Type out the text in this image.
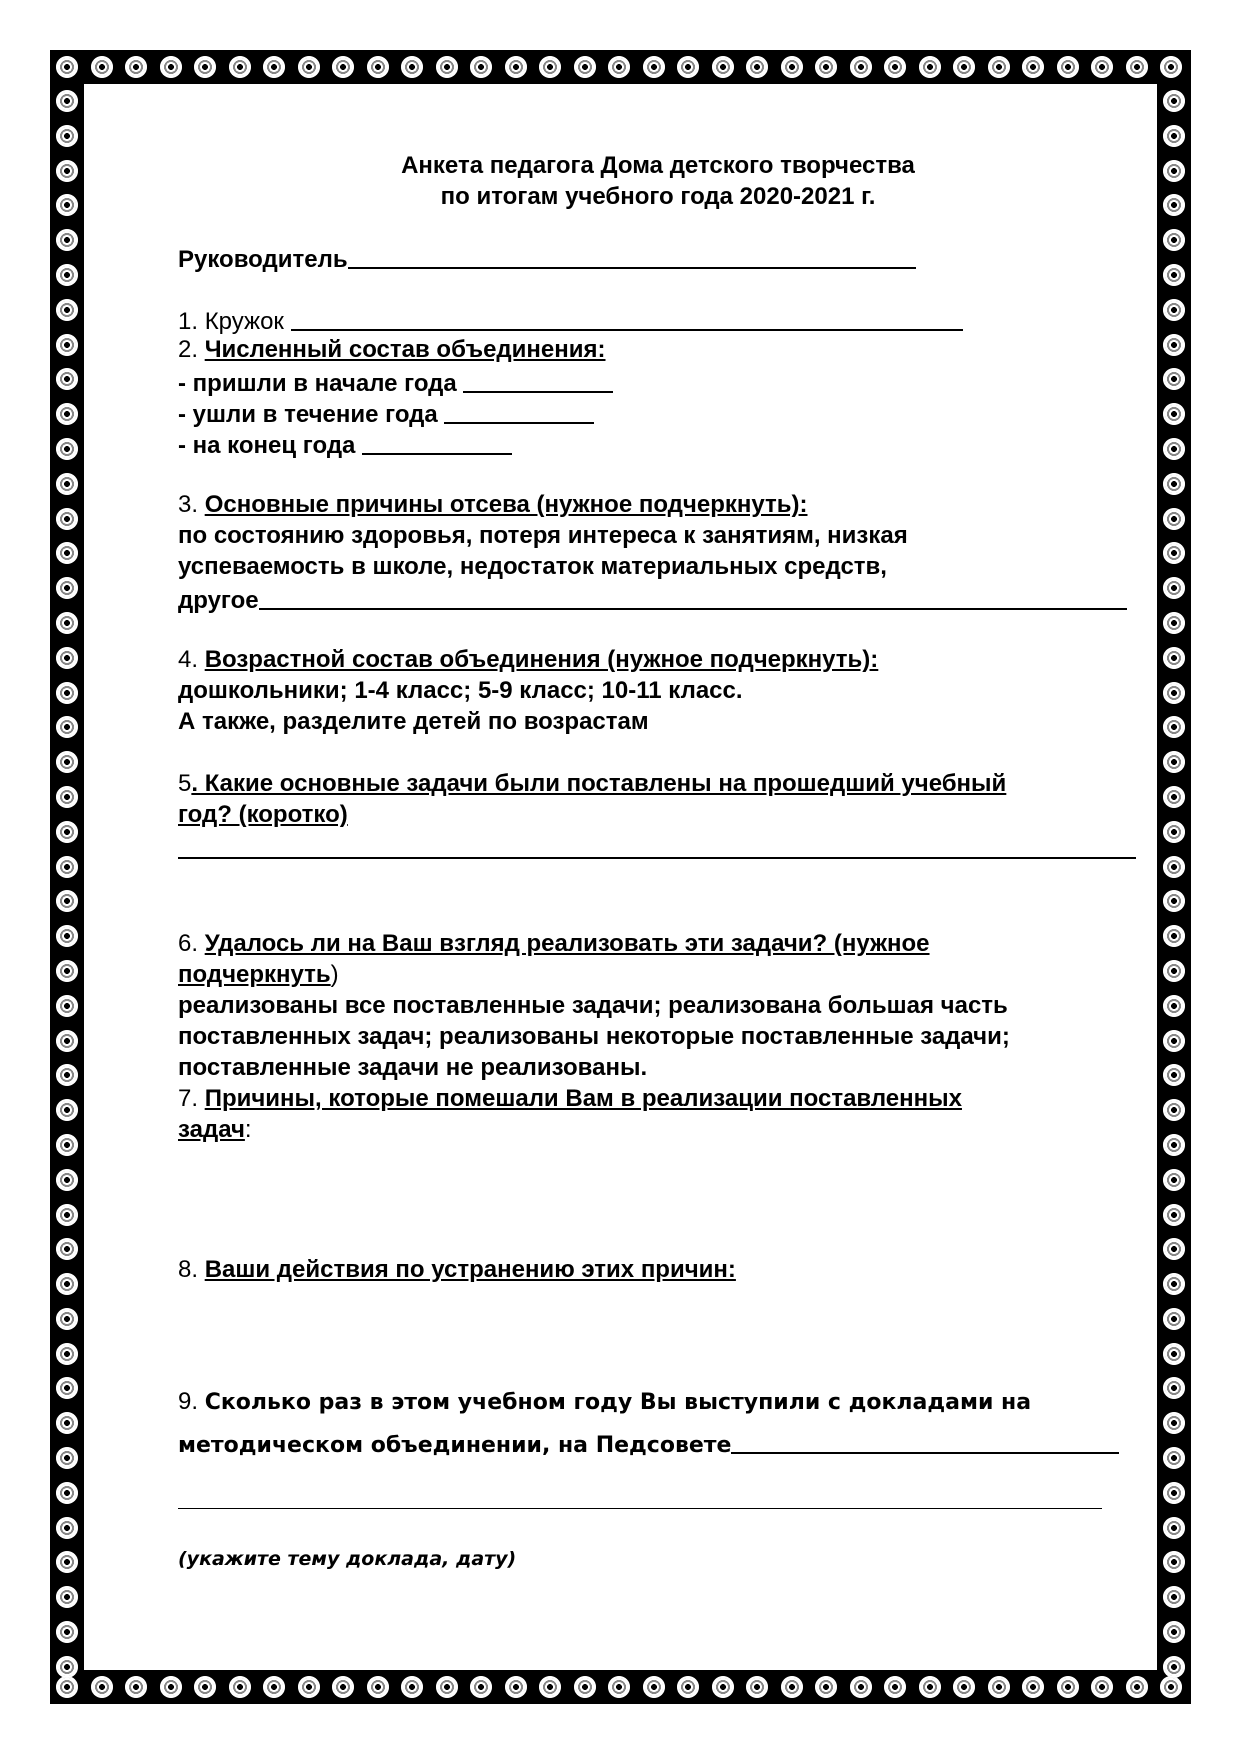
Анкета педагога Дома детского творчества
по итогам учебного года 2020-2021 г.
Руководитель
1. Кружок
2. Численный состав объединения:
- пришли в начале года
- ушли в течение года
- на конец года
3. Основные причины отсева (нужное подчеркнуть):
по состоянию здоровья, потеря интереса к занятиям, низкая
успеваемость в школе, недостаток материальных средств,
другое
4. Возрастной состав объединения (нужное подчеркнуть):
дошкольники; 1-4 класс; 5-9 класс; 10-11 класс.
А также, разделите детей по возрастам
5. Какие основные задачи были поставлены на прошедший учебный
год? (коротко)
6. Удалось ли на Ваш взгляд реализовать эти задачи? (нужное
подчеркнуть)
реализованы все поставленные задачи; реализована большая часть
поставленных задач; реализованы некоторые поставленные задачи;
поставленные задачи не реализованы.
7. Причины, которые помешали Вам в реализации поставленных
задач:
8. Ваши действия по устранению этих причин:
9. Сколько раз в этом учебном году Вы выступили с докладами на
методическом объединении, на Педсовете
(укажите тему доклада, дату)
